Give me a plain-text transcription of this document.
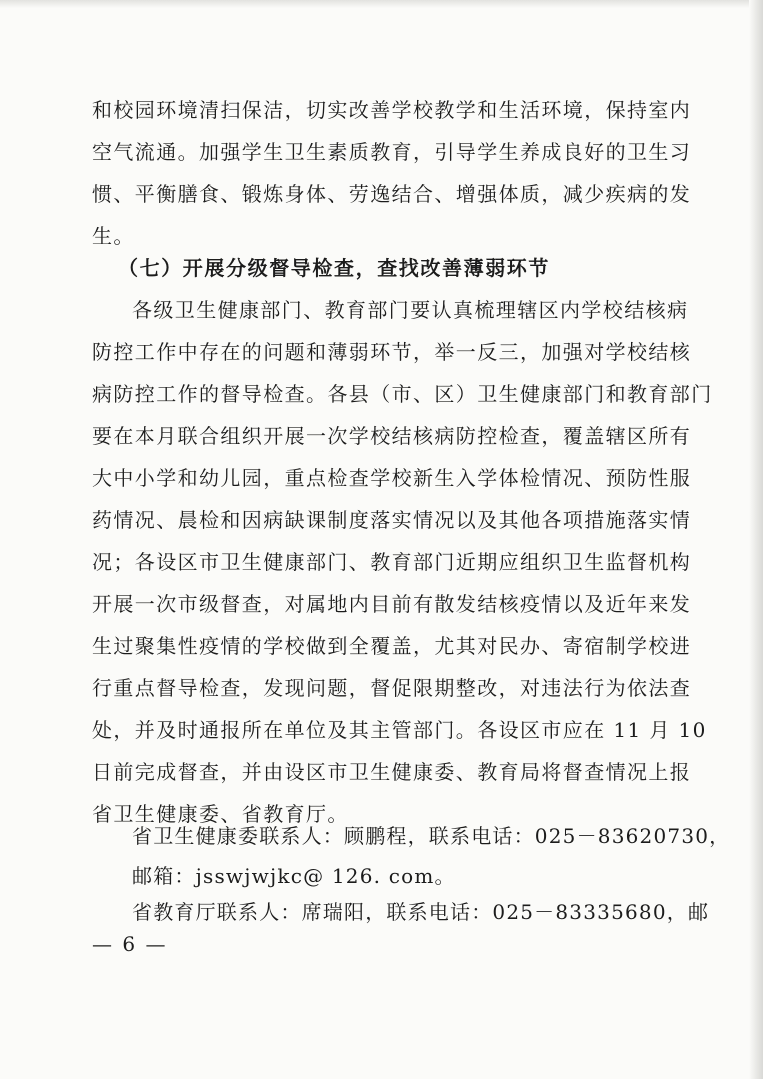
和校园环境清扫保洁，切实改善学校教学和生活环境，保持室内

空气流通。加强学生卫生素质教育，引导学生养成良好的卫生习

惯、平衡膳食、锻炼身体、劳逸结合、增强体质，减少疾病的发

生。

（七）开展分级督导检查，查找改善薄弱环节

各级卫生健康部门、教育部门要认真梳理辖区内学校结核病

防控工作中存在的问题和薄弱环节，举一反三，加强对学校结核

病防控工作的督导检查。各县（市、区）卫生健康部门和教育部门

要在本月联合组织开展一次学校结核病防控检查，覆盖辖区所有

大中小学和幼儿园，重点检查学校新生入学体检情况、预防性服

药情况、晨检和因病缺课制度落实情况以及其他各项措施落实情

况；各设区市卫生健康部门、教育部门近期应组织卫生监督机构

开展一次市级督查，对属地内目前有散发结核疫情以及近年来发

生过聚集性疫情的学校做到全覆盖，尤其对民办、寄宿制学校进

行重点督导检查，发现问题，督促限期整改，对违法行为依法查

处，并及时通报所在单位及其主管部门。各设区市应在 11 月 10

日前完成督查，并由设区市卫生健康委、教育局将督查情况上报

省卫生健康委、省教育厅。

省卫生健康委联系人：顾鹏程，联系电话：025－83620730，

邮箱：jsswjwjkc@ 126. com。

省教育厅联系人：席瑞阳，联系电话：025－83335680，邮

— 6 —
